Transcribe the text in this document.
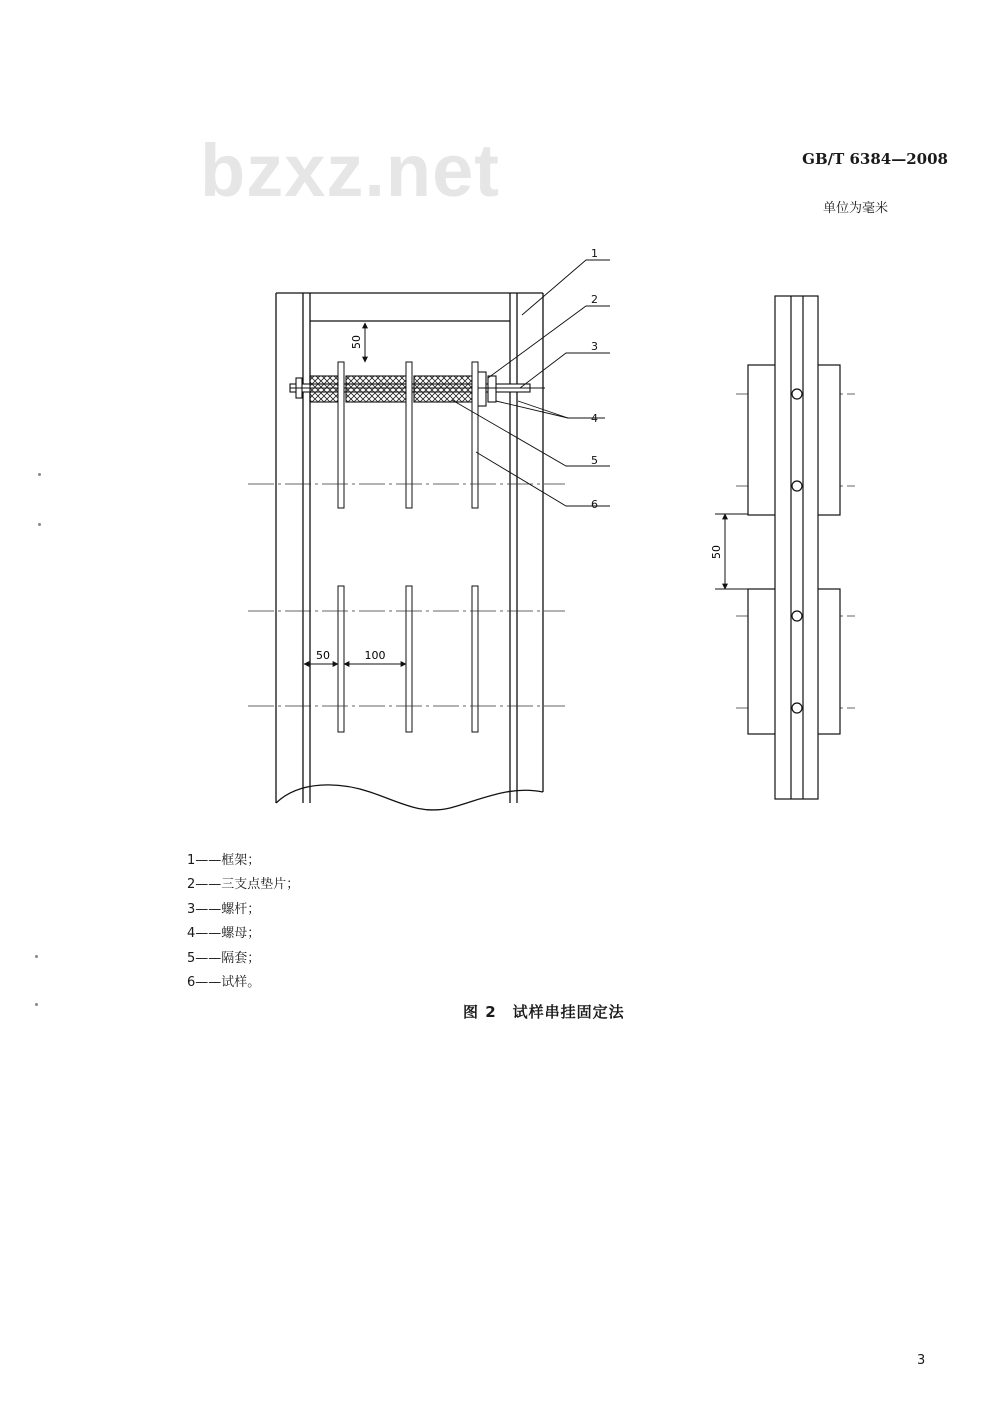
bzxz.net	GB/T 6384—2008
单位为毫米
50
50	100
50
1
2
3
4
5
6
1——框架；
2——三支点垫片；
3——螺杆；
4——螺母；
5——隔套；
6——试样。
图 2　试样串挂固定法
3
